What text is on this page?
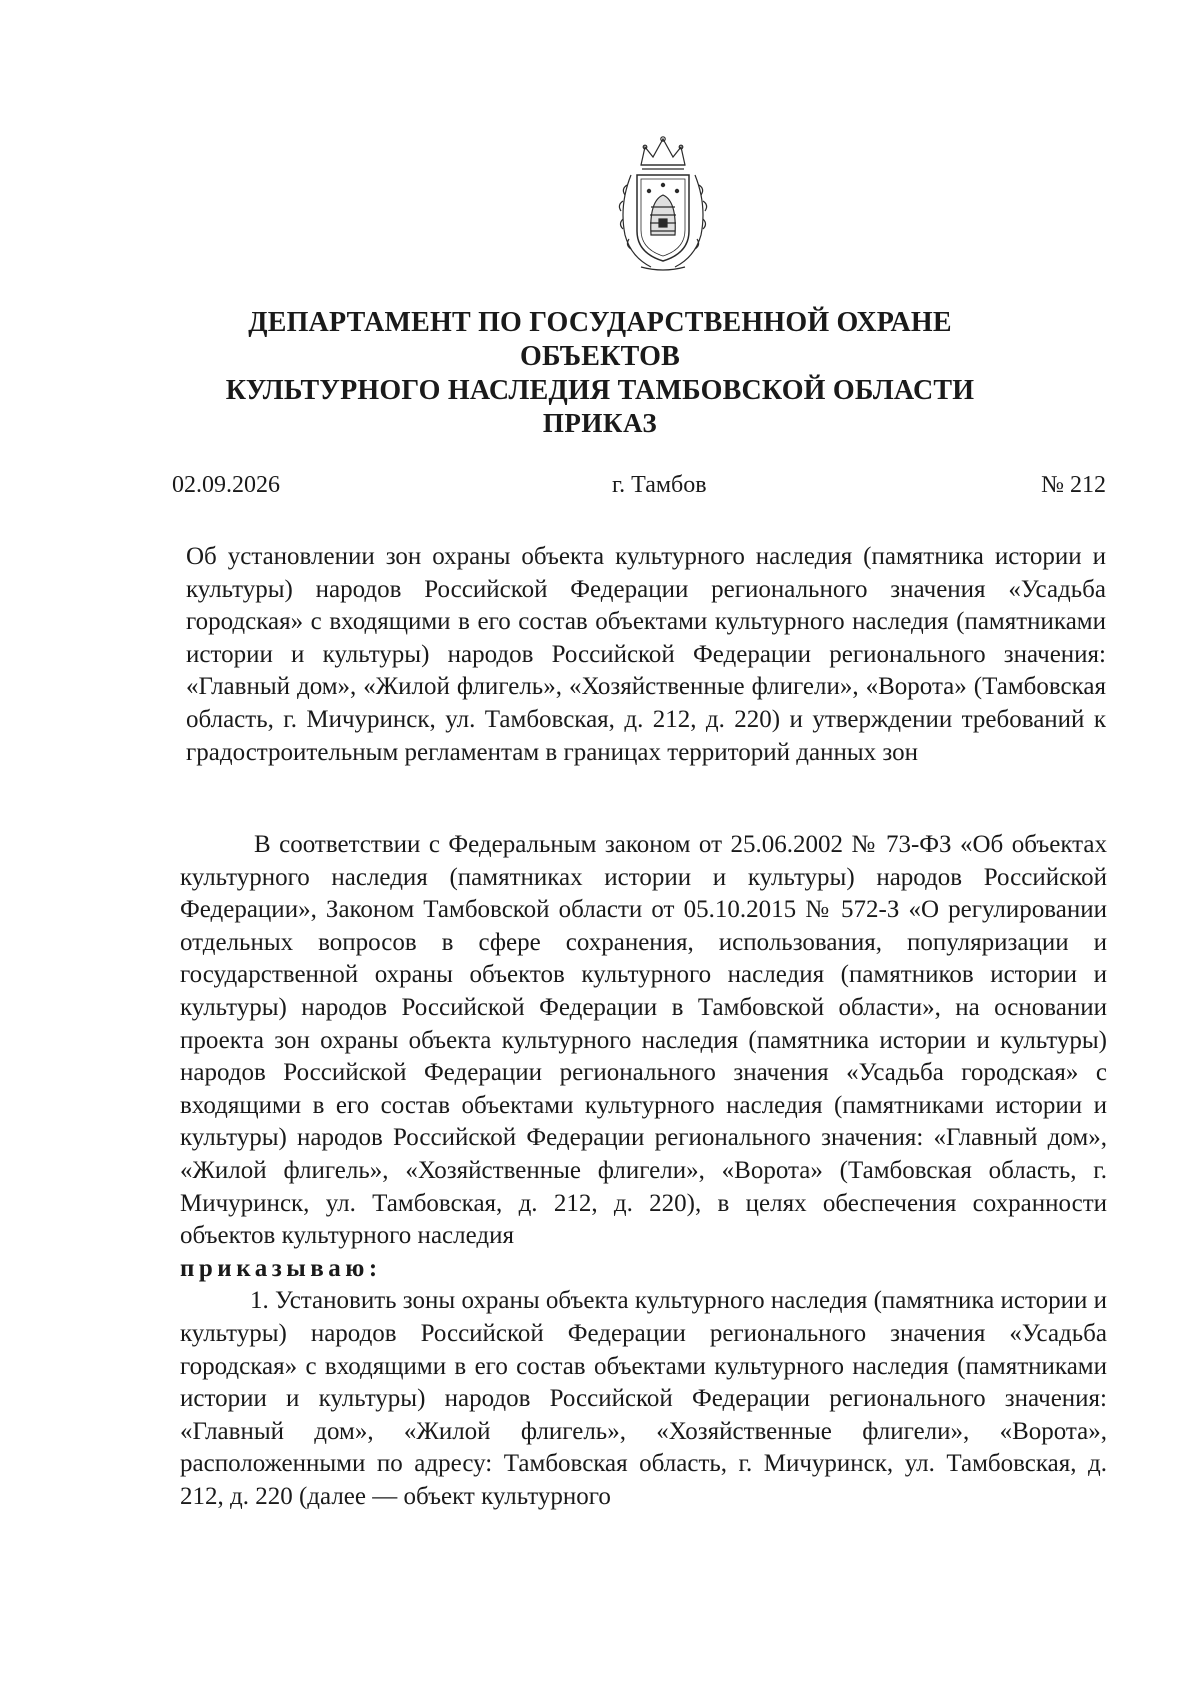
ДЕПАРТАМЕНТ ПО ГОСУДАРСТВЕННОЙ ОХРАНЕ ОБЪЕКТОВ
КУЛЬТУРНОГО НАСЛЕДИЯ ТАМБОВСКОЙ ОБЛАСТИ
ПРИКАЗ
02.09.2026	г. Тамбов	№ 212
Об установлении зон охраны объекта культурного наследия (памятника истории и культуры) народов Российской Федерации регионального значения «Усадьба городская» с входящими в его состав объектами культурного наследия (памятниками истории и культуры) народов Российской Федерации регионального значения: «Главный дом», «Жилой флигель», «Хозяйственные флигели», «Ворота» (Тамбовская область, г. Мичуринск, ул. Тамбовская, д. 212, д. 220) и утверждении требований к градостроительным регламентам в границах территорий данных зон

В соответствии с Федеральным законом от 25.06.2002 № 73-ФЗ «Об объектах культурного наследия (памятниках истории и культуры) народов Российской Федерации», Законом Тамбовской области от 05.10.2015 № 572-З «О регулировании отдельных вопросов в сфере сохранения, использования, популяризации и государственной охраны объектов культурного наследия (памятников истории и культуры) народов Российской Федерации в Тамбовской области», на основании проекта зон охраны объекта культурного наследия (памятника истории и культуры) народов Российской Федерации регионального значения «Усадьба городская» с входящими в его состав объектами культурного наследия (памятниками истории и культуры) народов Российской Федерации регионального значения: «Главный дом», «Жилой флигель», «Хозяйственные флигели», «Ворота» (Тамбовская область, г. Мичуринск, ул. Тамбовская, д. 212, д. 220), в целях обеспечения сохранности объектов культурного наследия

приказываю:

1. Установить зоны охраны объекта культурного наследия (памятника истории и культуры) народов Российской Федерации регионального значения «Усадьба городская» с входящими в его состав объектами культурного наследия (памятниками истории и культуры) народов Российской Федерации регионального значения: «Главный дом», «Жилой флигель», «Хозяйственные флигели», «Ворота», расположенными по адресу: Тамбовская область, г. Мичуринск, ул. Тамбовская, д. 212, д. 220 (далее — объект культурного
